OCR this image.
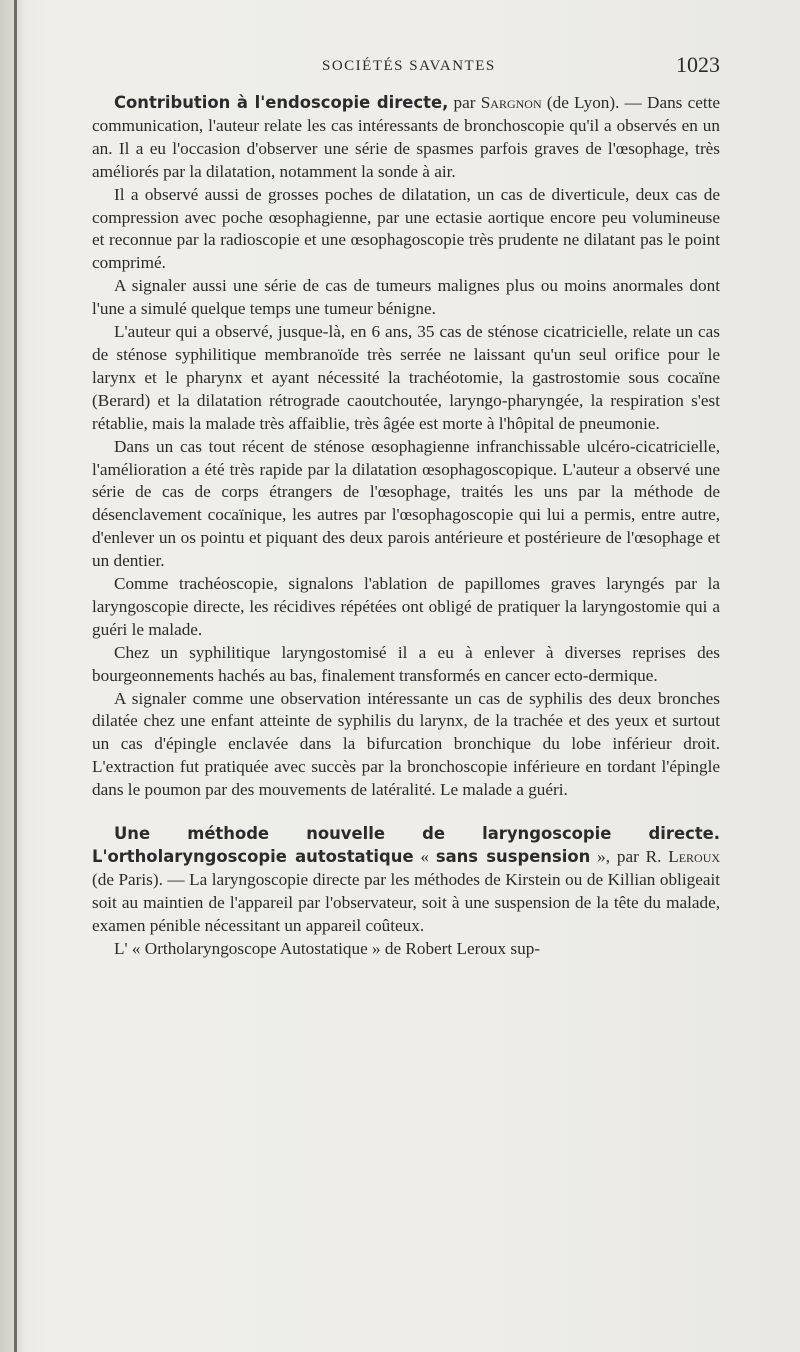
SOCIÉTÉS SAVANTES	1023

Contribution à l'endoscopie directe, par Sargnon (de Lyon). — Dans cette communication, l'auteur relate les cas intéressants de bronchoscopie qu'il a observés en un an. Il a eu l'occasion d'observer une série de spasmes parfois graves de l'œsophage, très améliorés par la dilatation, notamment la sonde à air.

Il a observé aussi de grosses poches de dilatation, un cas de diverticule, deux cas de compression avec poche œsophagienne, par une ectasie aortique encore peu volumineuse et reconnue par la radioscopie et une œsophagoscopie très prudente ne dilatant pas le point comprimé.

A signaler aussi une série de cas de tumeurs malignes plus ou moins anormales dont l'une a simulé quelque temps une tumeur bénigne.

L'auteur qui a observé, jusque-là, en 6 ans, 35 cas de sténose cicatricielle, relate un cas de sténose syphilitique membranoïde très serrée ne laissant qu'un seul orifice pour le larynx et le pharynx et ayant nécessité la trachéotomie, la gastrostomie sous cocaïne (Berard) et la dilatation rétrograde caoutchoutée, laryngo-pharyngée, la respiration s'est rétablie, mais la malade très affaiblie, très âgée est morte à l'hôpital de pneumonie.

Dans un cas tout récent de sténose œsophagienne infranchissable ulcéro-cicatricielle, l'amélioration a été très rapide par la dilatation œsophagoscopique. L'auteur a observé une série de cas de corps étrangers de l'œsophage, traités les uns par la méthode de désenclavement cocaïnique, les autres par l'œsophagoscopie qui lui a permis, entre autre, d'enlever un os pointu et piquant des deux parois antérieure et postérieure de l'œsophage et un dentier.

Comme trachéoscopie, signalons l'ablation de papillomes graves laryngés par la laryngoscopie directe, les récidives répétées ont obligé de pratiquer la laryngostomie qui a guéri le malade.

Chez un syphilitique laryngostomisé il a eu à enlever à diverses reprises des bourgeonnements hachés au bas, finalement transformés en cancer ecto-dermique.

A signaler comme une observation intéressante un cas de syphilis des deux bronches dilatée chez une enfant atteinte de syphilis du larynx, de la trachée et des yeux et surtout un cas d'épingle enclavée dans la bifurcation bronchique du lobe inférieur droit. L'extraction fut pratiquée avec succès par la bronchoscopie inférieure en tordant l'épingle dans le poumon par des mouvements de latéralité. Le malade a guéri.

Une méthode nouvelle de laryngoscopie directe. L'ortholaryngoscopie autostatique « sans suspension », par R. Leroux (de Paris). — La laryngoscopie directe par les méthodes de Kirstein ou de Killian obligeait soit au maintien de l'appareil par l'observateur, soit à une suspension de la tête du malade, examen pénible nécessitant un appareil coûteux.

L' « Ortholaryngoscope Autostatique » de Robert Leroux sup-
